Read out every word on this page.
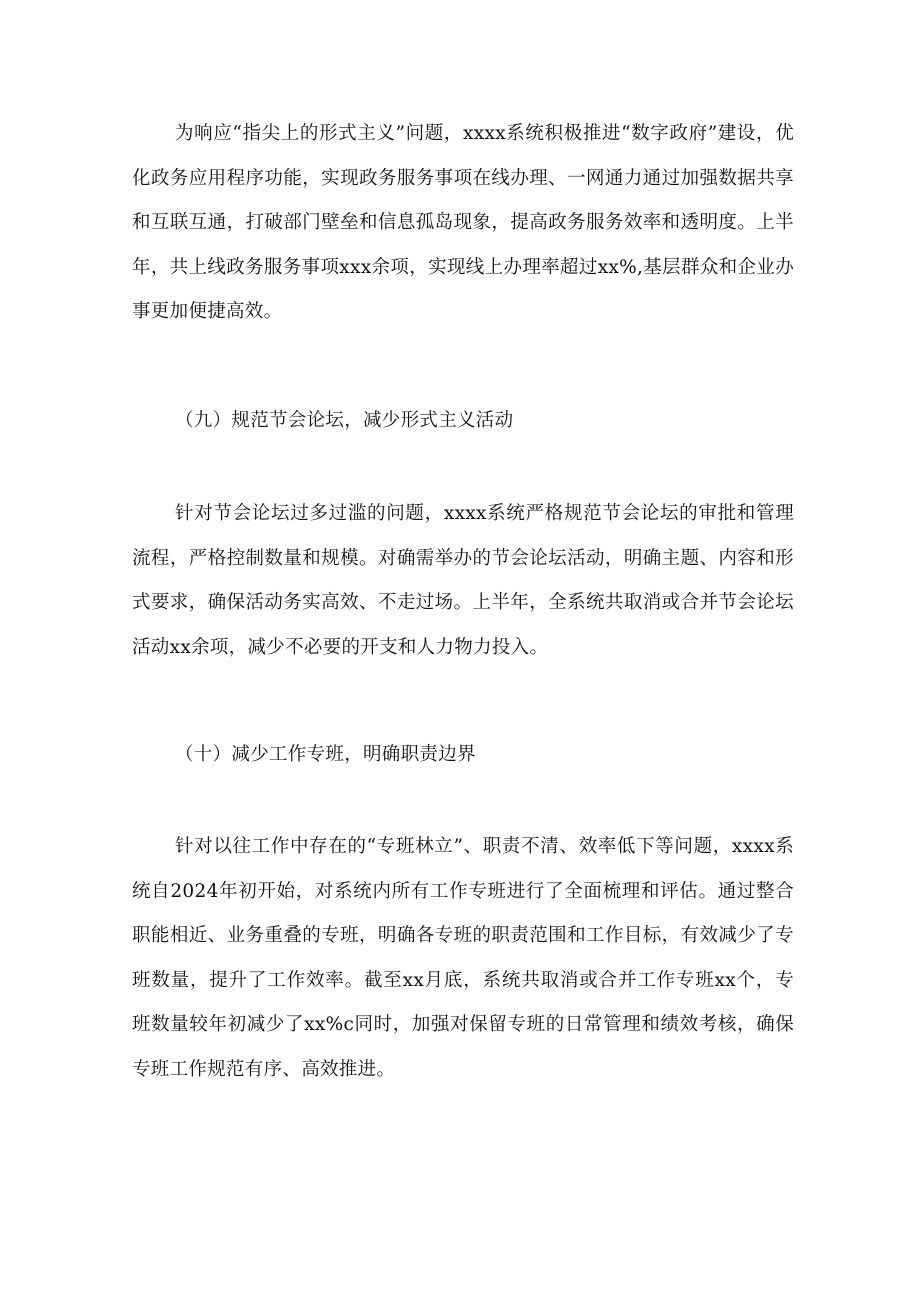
为响应“指尖上的形式主义”问题，xxxx系统积极推进“数字政府”建设，优化政务应用程序功能，实现政务服务事项在线办理、一网通力通过加强数据共享和互联互通，打破部门壁垒和信息孤岛现象，提高政务服务效率和透明度。上半年，共上线政务服务事项xxx余项，实现线上办理率超过xx%,基层群众和企业办事更加便捷高效。

（九）规范节会论坛，减少形式主义活动

针对节会论坛过多过滥的问题，xxxx系统严格规范节会论坛的审批和管理流程，严格控制数量和规模。对确需举办的节会论坛活动，明确主题、内容和形式要求，确保活动务实高效、不走过场。上半年，全系统共取消或合并节会论坛活动xx余项，减少不必要的开支和人力物力投入。

（十）减少工作专班，明确职责边界

针对以往工作中存在的“专班林立”、职责不清、效率低下等问题，xxxx系统自2024年初开始，对系统内所有工作专班进行了全面梳理和评估。通过整合职能相近、业务重叠的专班，明确各专班的职责范围和工作目标，有效减少了专班数量，提升了工作效率。截至xx月底，系统共取消或合并工作专班xx个，专班数量较年初减少了xx%c同时，加强对保留专班的日常管理和绩效考核，确保专班工作规范有序、高效推进。
